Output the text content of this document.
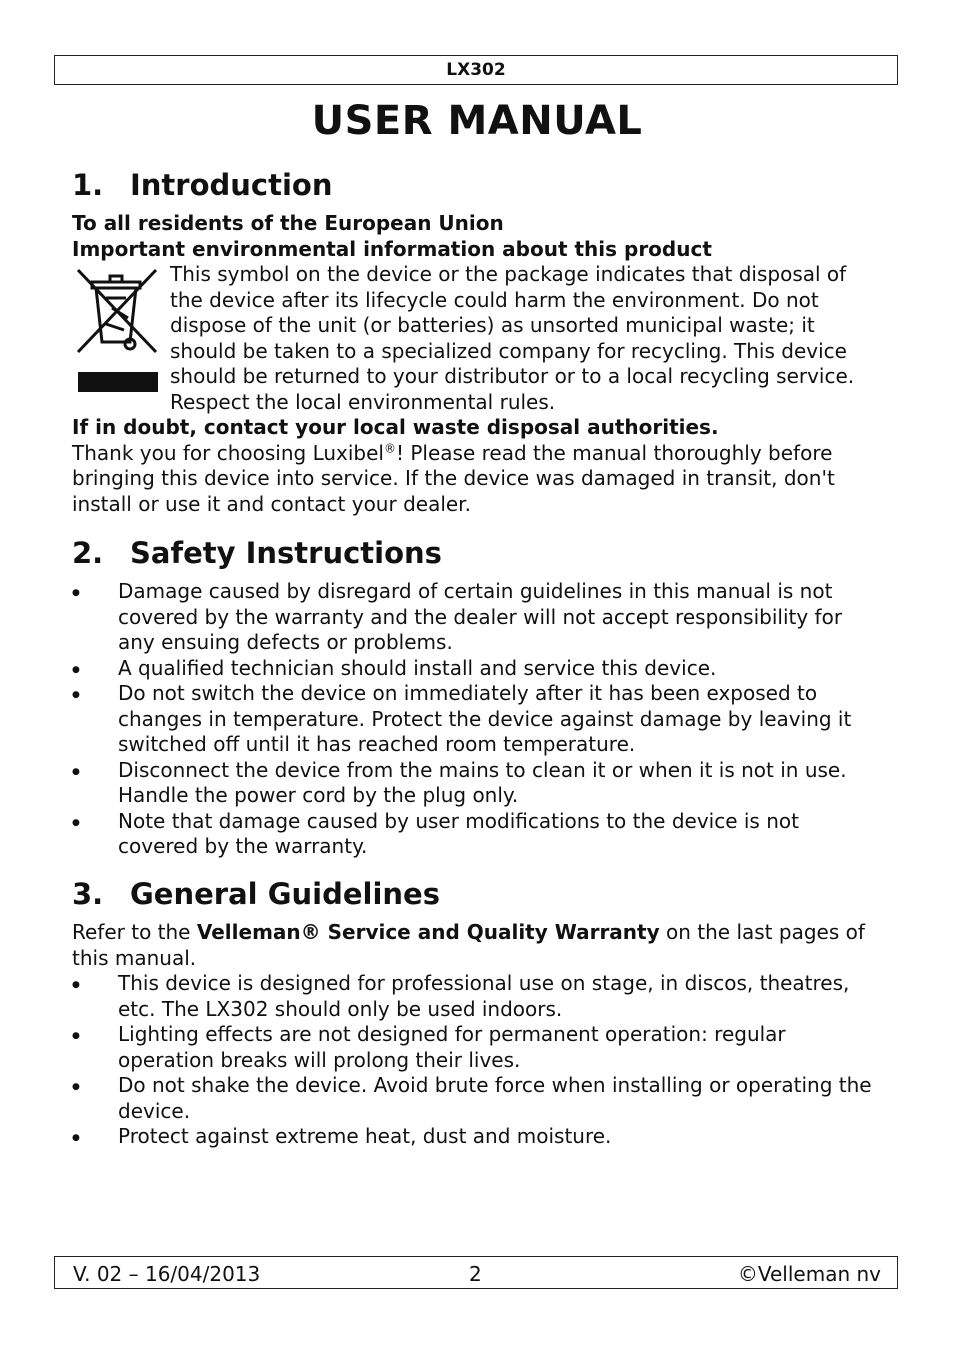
LX302
USER MANUAL
1. Introduction

To all residents of the European Union

Important environmental information about this product

This symbol on the device or the package indicates that disposal of the device after its lifecycle could harm the environment. Do not dispose of the unit (or batteries) as unsorted municipal waste; it should be taken to a specialized company for recycling. This device should be returned to your distributor or to a local recycling service. Respect the local environmental rules.

If in doubt, contact your local waste disposal authorities.

Thank you for choosing Luxibel®! Please read the manual thoroughly before bringing this device into service. If the device was damaged in transit, don't install or use it and contact your dealer.

2. Safety Instructions
● Damage caused by disregard of certain guidelines in this manual is not covered by the warranty and the dealer will not accept responsibility for any ensuing defects or problems.
● A qualified technician should install and service this device.
● Do not switch the device on immediately after it has been exposed to changes in temperature. Protect the device against damage by leaving it switched off until it has reached room temperature.
● Disconnect the device from the mains to clean it or when it is not in use. Handle the power cord by the plug only.
● Note that damage caused by user modifications to the device is not covered by the warranty.
3. General Guidelines

Refer to the Velleman® Service and Quality Warranty on the last pages of this manual.

● This device is designed for professional use on stage, in discos, theatres, etc. The LX302 should only be used indoors.
● Lighting effects are not designed for permanent operation: regular operation breaks will prolong their lives.
● Do not shake the device. Avoid brute force when installing or operating the device.
● Protect against extreme heat, dust and moisture.
V. 02 – 16/04/2013	2	©Velleman nv
